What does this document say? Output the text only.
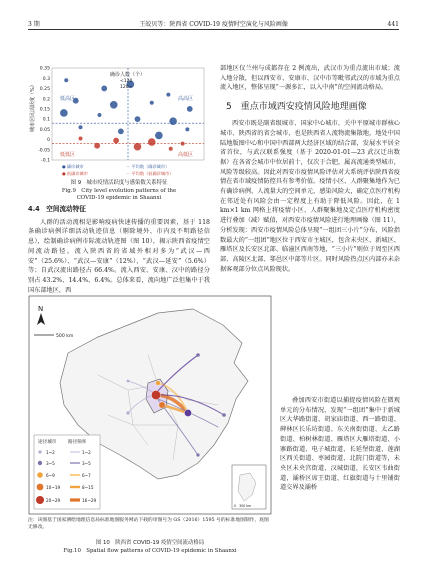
3 期	王皎贝等：陕西省 COVID-19 疫情时空演化与风险画像	441
0.35
0.3
0.25
0.2
0.15
0.1
0.05
0
-0.05
-0.1
城市居民活跃度（%）
确诊人数（个）
<120
120~
高高区
低高区
高低区
低低区
● 确诊城市	－ 平均数（确诊城市）
● 低确诊城市	－ 平均数（低确诊城市）
图 9　城市疫情活跃度与感染数关系特征
Fig.9　City level evolution patterns of the
COVID-19 epidemic in Shaanxi
4.4　空间流动特征

人群的活动流相是影响疫病快速传播的重要因素，基于 118 条确诊病例详细活动轨迹信息（剔除境外、市内及不明路径信息），绘制确诊病例市际流动轨迹图（图 10），揭示陕西省疫情空间流动路径。流入陕西省的省域外相对多为“武汉—西安”（25.6%）、“武汉—安康”（12%）、“武汉—延安”（5.6%）等；自武汉流出路径占 66.4%。流入西安、安康、汉中的路径分别占 43.2%、14.4%、6.4%。总体来看，流向地广泛但集中于我国东部地区，西

部地区仅兰州与成都存在 2 例流出，武汉市为重点流出市域；流入地分散，但以西安市、安康市、汉中市等毗邻武汉的市域为重点流入地区，整体呈现“一源多汇，以入中南”的空间流动格局。

5　重点市域西安疫情风险地理画像

西安市既是副省级城市、国家中心城市、关中平原城市群核心城市、陕西省的省会城市，也是陕西省人流物流集散地，地处中国陆地版图中心和中国中西部两大经济区域的结合部，发展水平居全省首位，与武汉联系强度（基于 2020-01-01—23 武汉迁出数据）在各省会城市中位居前十，仅次于合肥，属高流通类型城市，风险等级较高。因此对西安市疫情风险评估对大系统评估陕西省疫情在省市域疫情防控具有参考价值。疫情小区、人群聚集地作为已有确诊病例、人流量大的空间单元，感染风险大，确定点医疗机构在邻近处有风险会由一定程度上有助于降低风险。因此，在 1 km×1 km 网格上将疫情小区、人群聚集地及定点医疗机构密度进行叠加（减）赋值，对西安市疫情风险进行地理画像（图 11），分析发现：西安市疫情风险总体呈现“一组团三小片”分布，风险指数最大的“一组团”地区位于西安市主城区，包含未央区、新城区、雁塔区及长安区北部、临潼区西南等地，“三小片”则位于周至区西部、高陵区北部、鄠邑区中部等片区。同时风险热点区内部亦未杂据客观部分位点风险现状。

叠加西安市街道以捕捉疫情风险在微观单元的分布情况，发现“一组团”集中于新城区大华路街道、胡家庙街道、西一路街道、碑林区长乐坊街道、东关南街街道、太乙路街道、柏树林街道、雁塔区大雁塔街道、小寨路街道、电子城街道、长延堡街道、莲湖区西关街道、枣园街道、北院门街道等，未央区未央宫街道、汉城街道，长安区韦曲街道，灞桥区席王街道、红旗街道与十里铺街道交界及灞桥

N
500 km
途径城市	路径频率
1~2
3~5
6~9
10~19
20~29
1~2
3~5
6~7
8~15
16~29
0　300 km
注：该图基于国家测绘地理信息局标准地图服务网站下载的审图号为 GS（2016）1595 号的标准地图制作，底图无修改。
图 10　陕西省 COVID-19 疫情空间流动格局
Fig.10　Spatial flow patterns of COVID-19 epidemic in Shaanxi
